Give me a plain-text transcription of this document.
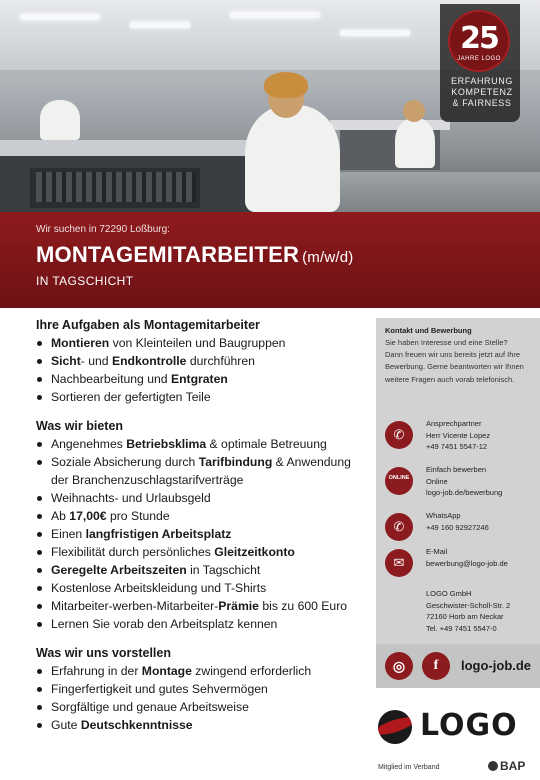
25
JAHRE LOGO
ERFAHRUNG
KOMPETENZ
& FAIRNESS
Wir suchen in 72290 Loßburg:
MONTAGEMITARBEITER (m/w/d)
IN TAGSCHICHT
Ihre Aufgaben als Montagemitarbeiter
Montieren von Kleinteilen und Baugruppen
Sicht- und Endkontrolle durchführen
Nachbearbeitung und Entgraten
Sortieren der gefertigten Teile
Was wir bieten
Angenehmes Betriebsklima & optimale Betreuung
Soziale Absicherung durch Tarifbindung & Anwendung der Branchenzuschlagstarifverträge
Weihnachts- und Urlaubsgeld
Ab 17,00€ pro Stunde
Einen langfristigen Arbeitsplatz
Flexibilität durch persönliches Gleitzeitkonto
Geregelte Arbeitszeiten in Tagschicht
Kostenlose Arbeitskleidung und T-Shirts
Mitarbeiter-werben-Mitarbeiter-Prämie bis zu 600 Euro
Lernen Sie vorab den Arbeitsplatz kennen
Was wir uns vorstellen
Erfahrung in der Montage zwingend erforderlich
Fingerfertigkeit und gutes Sehvermögen
Sorgfältige und genaue Arbeitsweise
Gute Deutschkenntnisse
Kontakt und Bewerbung
Sie haben Interesse und eine Stelle? Dann freuen wir uns bereits jetzt auf Ihre Bewerbung. Gerne beantworten wir Ihnen weitere Fragen auch vorab telefonisch.
✆
Ansprechpartner
Herr Vicente Lopez
+49 7451 5547-12
ONLINE
Einfach bewerben
Online
logo-job.de/bewerbung
✆
WhatsApp
+49 160 92927246
✉
E-Mail
bewerbung@logo-job.de
LOGO GmbH
Geschwister-Scholl-Str. 2
72160 Horb am Neckar
Tel. +49 7451 5547-0
◎	f	logo-job.de
LOGO
Mitglied im Verband	BAP
